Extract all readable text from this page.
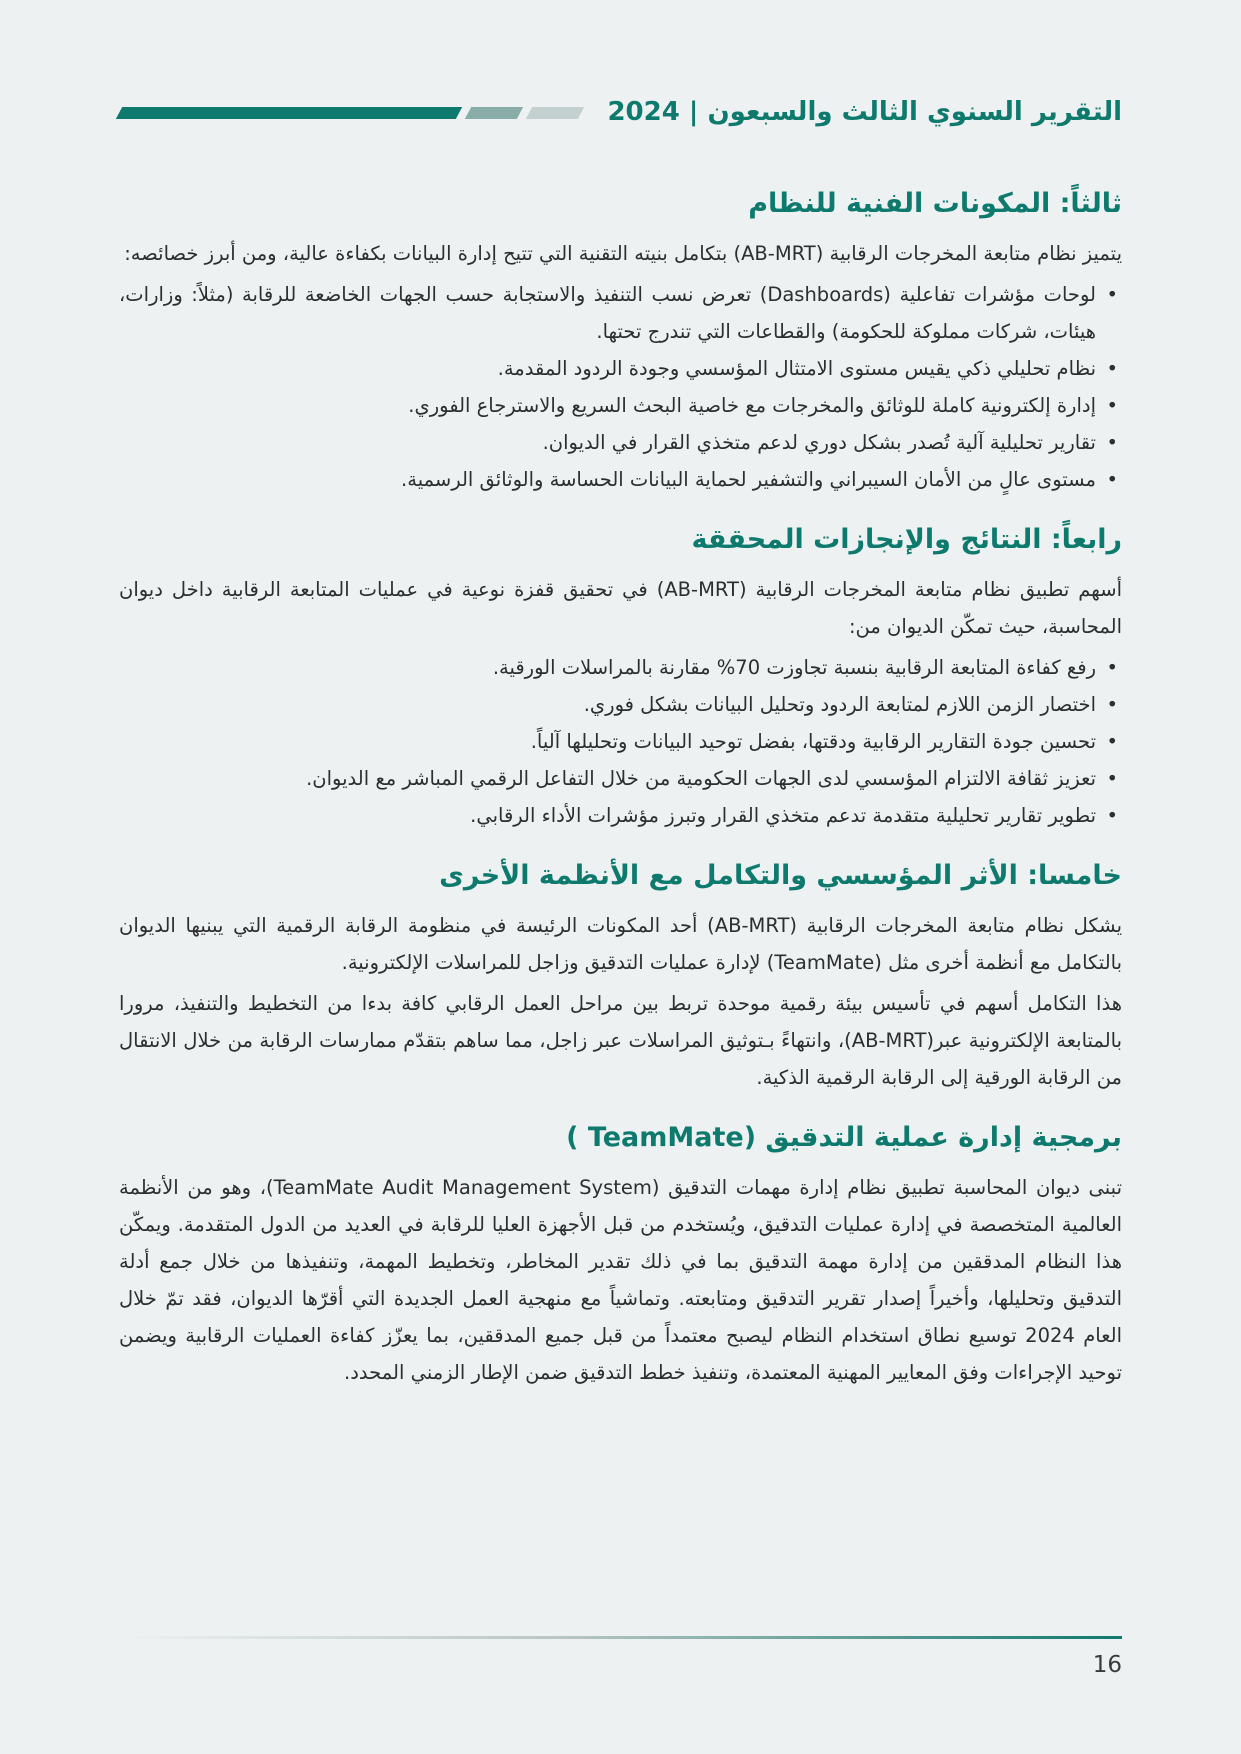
التقرير السنوي الثالث والسبعون | 2024
ثالثاً: المكونات الفنية للنظام

يتميز نظام متابعة المخرجات الرقابية (AB-MRT) بتكامل بنيته التقنية التي تتيح إدارة البيانات بكفاءة عالية، ومن أبرز خصائصه:

• لوحات مؤشرات تفاعلية (Dashboards) تعرض نسب التنفيذ والاستجابة حسب الجهات الخاضعة للرقابة (مثلاً: وزارات، هيئات، شركات مملوكة للحكومة) والقطاعات التي تندرج تحتها.
• نظام تحليلي ذكي يقيس مستوى الامتثال المؤسسي وجودة الردود المقدمة.
• إدارة إلكترونية كاملة للوثائق والمخرجات مع خاصية البحث السريع والاسترجاع الفوري.
• تقارير تحليلية آلية تُصدر بشكل دوري لدعم متخذي القرار في الديوان.
• مستوى عالٍ من الأمان السيبراني والتشفير لحماية البيانات الحساسة والوثائق الرسمية.
رابعاً: النتائج والإنجازات المحققة

أسهم تطبيق نظام متابعة المخرجات الرقابية (AB-MRT) في تحقيق قفزة نوعية في عمليات المتابعة الرقابية داخل ديوان المحاسبة، حيث تمكّن الديوان من:

• رفع كفاءة المتابعة الرقابية بنسبة تجاوزت 70% مقارنة بالمراسلات الورقية.
• اختصار الزمن اللازم لمتابعة الردود وتحليل البيانات بشكل فوري.
• تحسين جودة التقارير الرقابية ودقتها، بفضل توحيد البيانات وتحليلها آلياً.
• تعزيز ثقافة الالتزام المؤسسي لدى الجهات الحكومية من خلال التفاعل الرقمي المباشر مع الديوان.
• تطوير تقارير تحليلية متقدمة تدعم متخذي القرار وتبرز مؤشرات الأداء الرقابي.
خامسا: الأثر المؤسسي والتكامل مع الأنظمة الأخرى

يشكل نظام متابعة المخرجات الرقابية (AB-MRT) أحد المكونات الرئيسة في منظومة الرقابة الرقمية التي يبنيها الديوان بالتكامل مع أنظمة أخرى مثل (TeamMate) لإدارة عمليات التدقيق وزاجل للمراسلات الإلكترونية.

هذا التكامل أسهم في تأسيس بيئة رقمية موحدة تربط بين مراحل العمل الرقابي كافة بدءا من التخطيط والتنفيذ، مرورا بالمتابعة الإلكترونية عبر(AB-MRT)، وانتهاءً بـتوثيق المراسلات عبر زاجل، مما ساهم بتقدّم ممارسات الرقابة من خلال الانتقال من الرقابة الورقية إلى الرقابة الرقمية الذكية.

برمجية إدارة عملية التدقيق (TeamMate )

تبنى ديوان المحاسبة تطبيق نظام إدارة مهمات التدقيق (TeamMate Audit Management System)، وهو من الأنظمة العالمية المتخصصة في إدارة عمليات التدقيق، ويُستخدم من قبل الأجهزة العليا للرقابة في العديد من الدول المتقدمة. ويمكّن هذا النظام المدققين من إدارة مهمة التدقيق بما في ذلك تقدير المخاطر، وتخطيط المهمة، وتنفيذها من خلال جمع أدلة التدقيق وتحليلها، وأخيراً إصدار تقرير التدقيق ومتابعته. وتماشياً مع منهجية العمل الجديدة التي أقرّها الديوان، فقد تمّ خلال العام 2024 توسيع نطاق استخدام النظام ليصبح معتمداً من قبل جميع المدققين، بما يعزّز كفاءة العمليات الرقابية ويضمن توحيد الإجراءات وفق المعايير المهنية المعتمدة، وتنفيذ خطط التدقيق ضمن الإطار الزمني المحدد.

16
